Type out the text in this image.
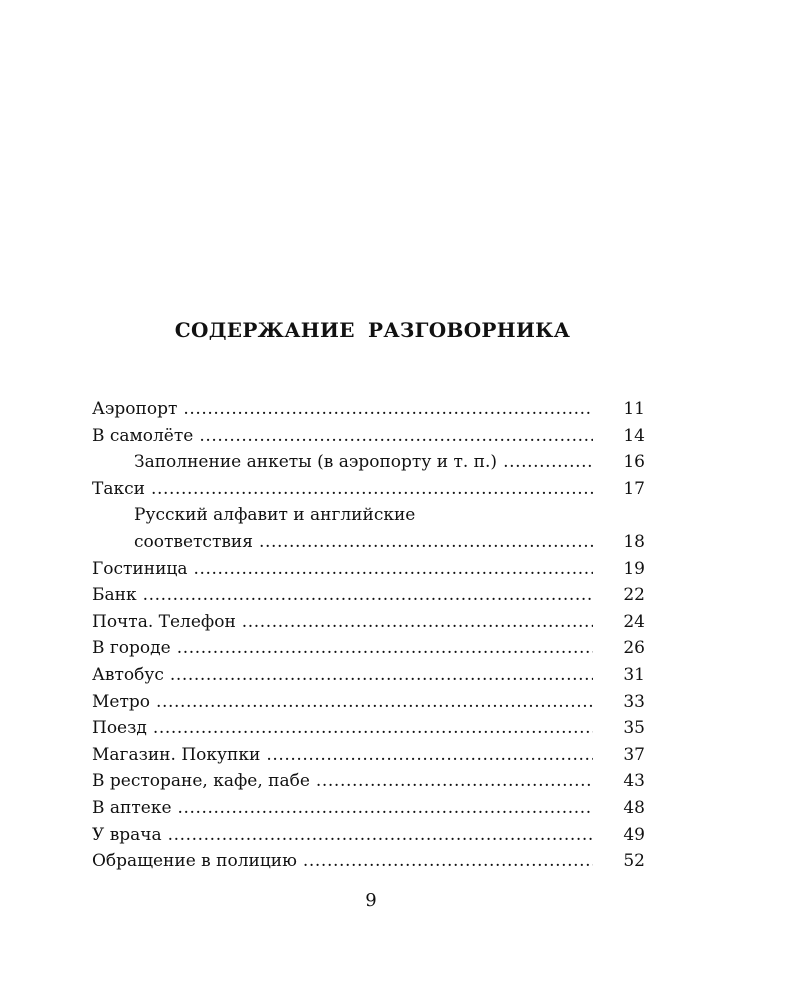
СОДЕРЖАНИЕ РАЗГОВОРНИКА
Аэропорт .....	11
В самолёте .....	14
Заполнение анкеты (в аэропорту и т. п.) .....	16
Такси .....	17
Русский алфавит и английские
соответствия .....	18
Гостиница .....	19
Банк .....	22
Почта. Телефон .....	24
В городе .....	26
Автобус .....	31
Метро .....	33
Поезд .....	35
Магазин. Покупки .....	37
В ресторане, кафе, пабе .....	43
В аптеке .....	48
У врача .....	49
Обращение в полицию .....	52
9
